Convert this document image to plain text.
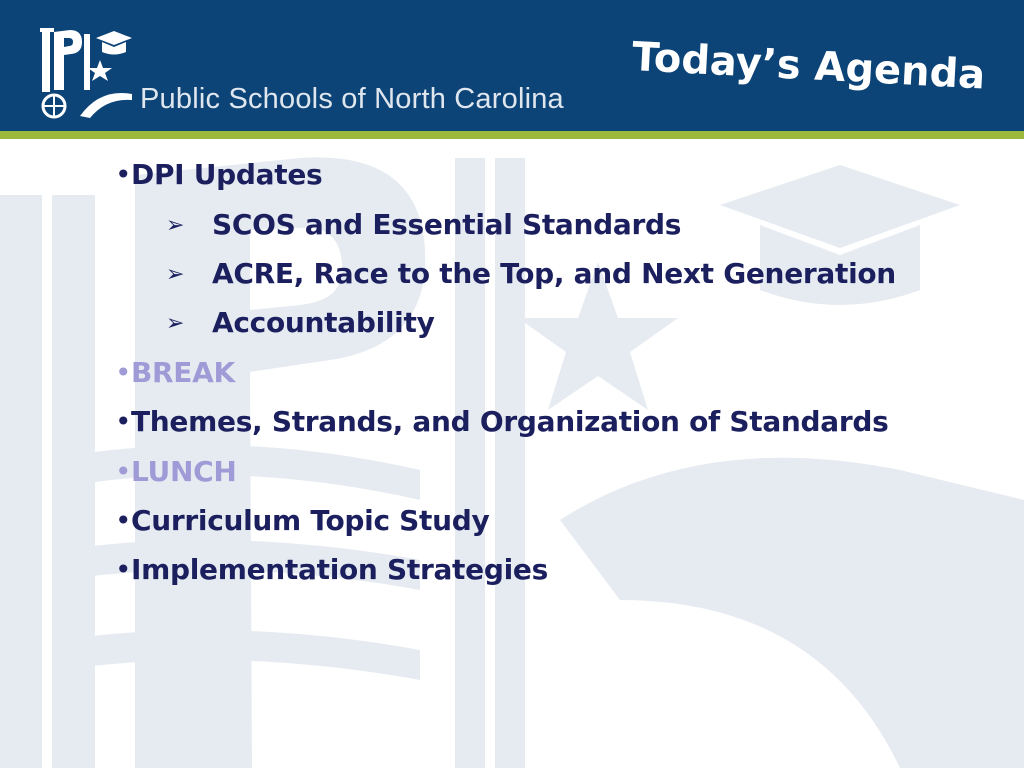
Public Schools of North Carolina
Today’s Agenda
•DPI Updates
➢ SCOS and Essential Standards
➢ ACRE, Race to the Top, and Next Generation
➢ Accountability
•BREAK
•Themes, Strands, and Organization of Standards
•LUNCH
•Curriculum Topic Study
•Implementation Strategies
